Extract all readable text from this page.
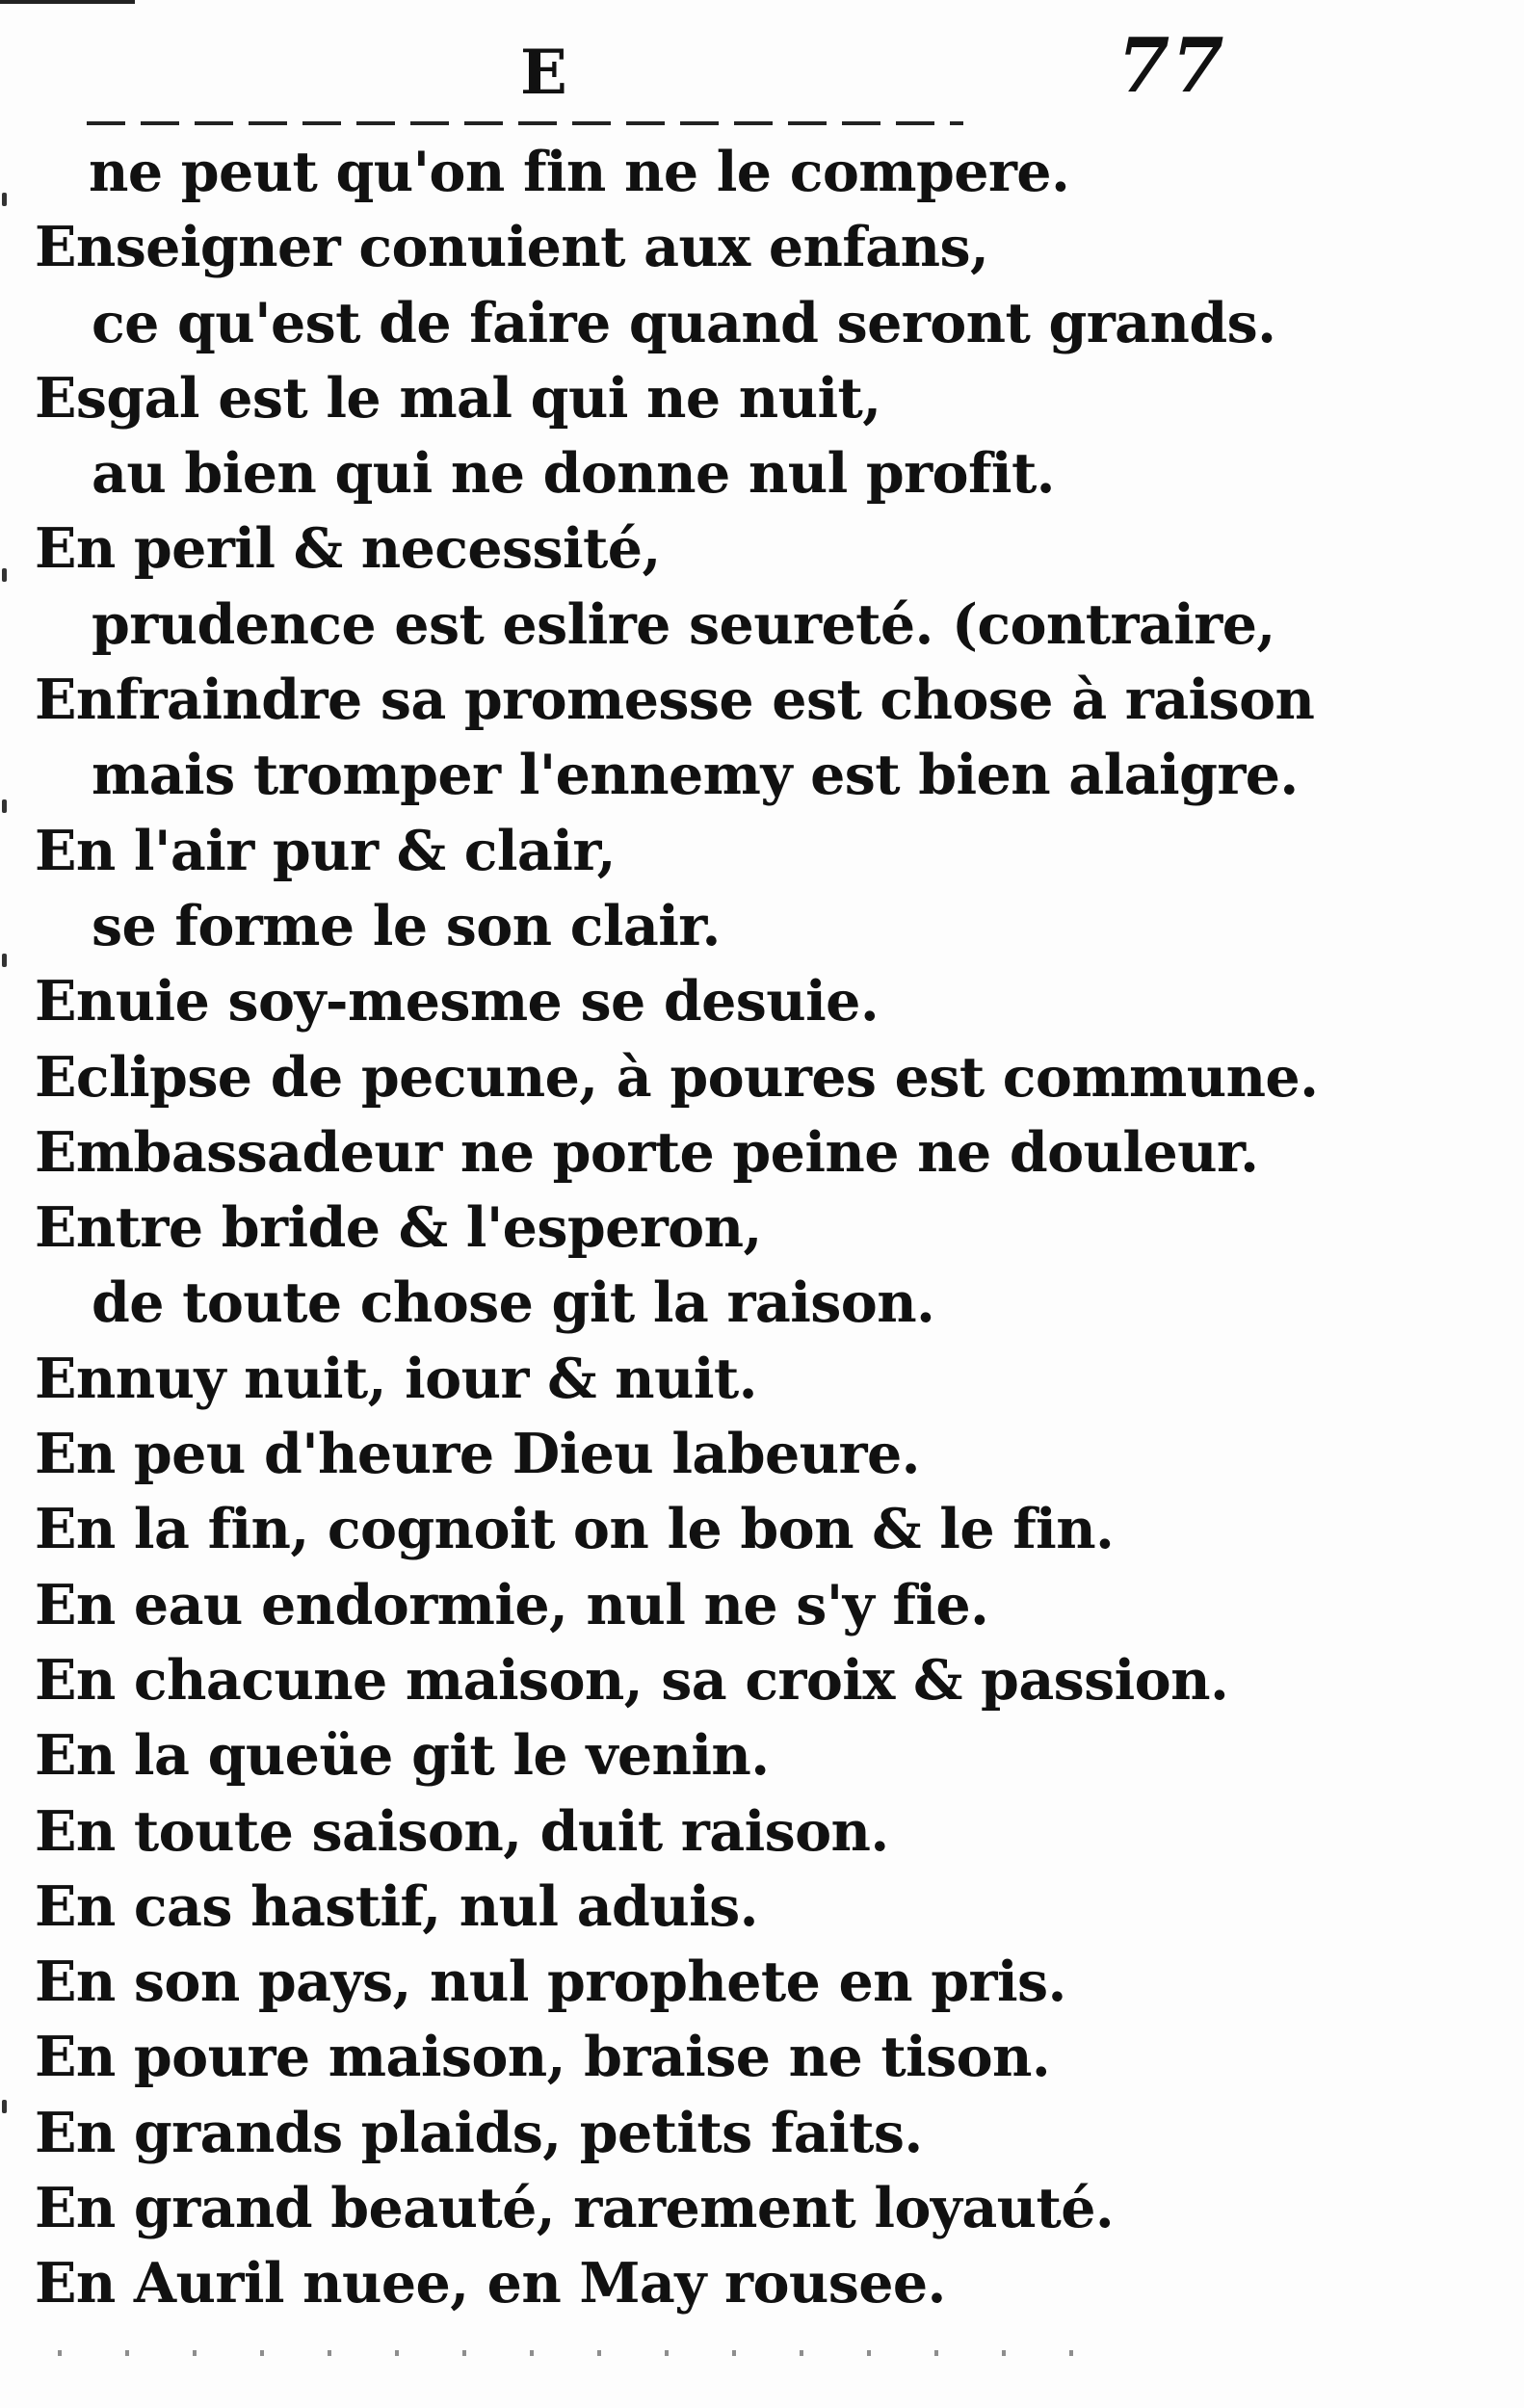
E	77
ne peut qu'on fin ne le compere.
Enseigner conuient aux enfans,
ce qu'est de faire quand seront grands.
Esgal est le mal qui ne nuit,
au bien qui ne donne nul profit.
En peril & necessité,
prudence est eslire seureté. (contraire,
Enfraindre sa promesse est chose à raison
mais tromper l'ennemy est bien alaigre.
En l'air pur & clair,
se forme le son clair.
Enuie soy-mesme se desuie.
Eclipse de pecune, à poures est commune.
Embassadeur ne porte peine ne douleur.
Entre bride & l'esperon,
de toute chose git la raison.
Ennuy nuit, iour & nuit.
En peu d'heure Dieu labeure.
En la fin, cognoit on le bon & le fin.
En eau endormie, nul ne s'y fie.
En chacune maison, sa croix & passion.
En la queüe git le venin.
En toute saison, duit raison.
En cas hastif, nul aduis.
En son pays, nul prophete en pris.
En poure maison, braise ne tison.
En grands plaids, petits faits.
En grand beauté, rarement loyauté.
En Auril nuee, en May rousee.
